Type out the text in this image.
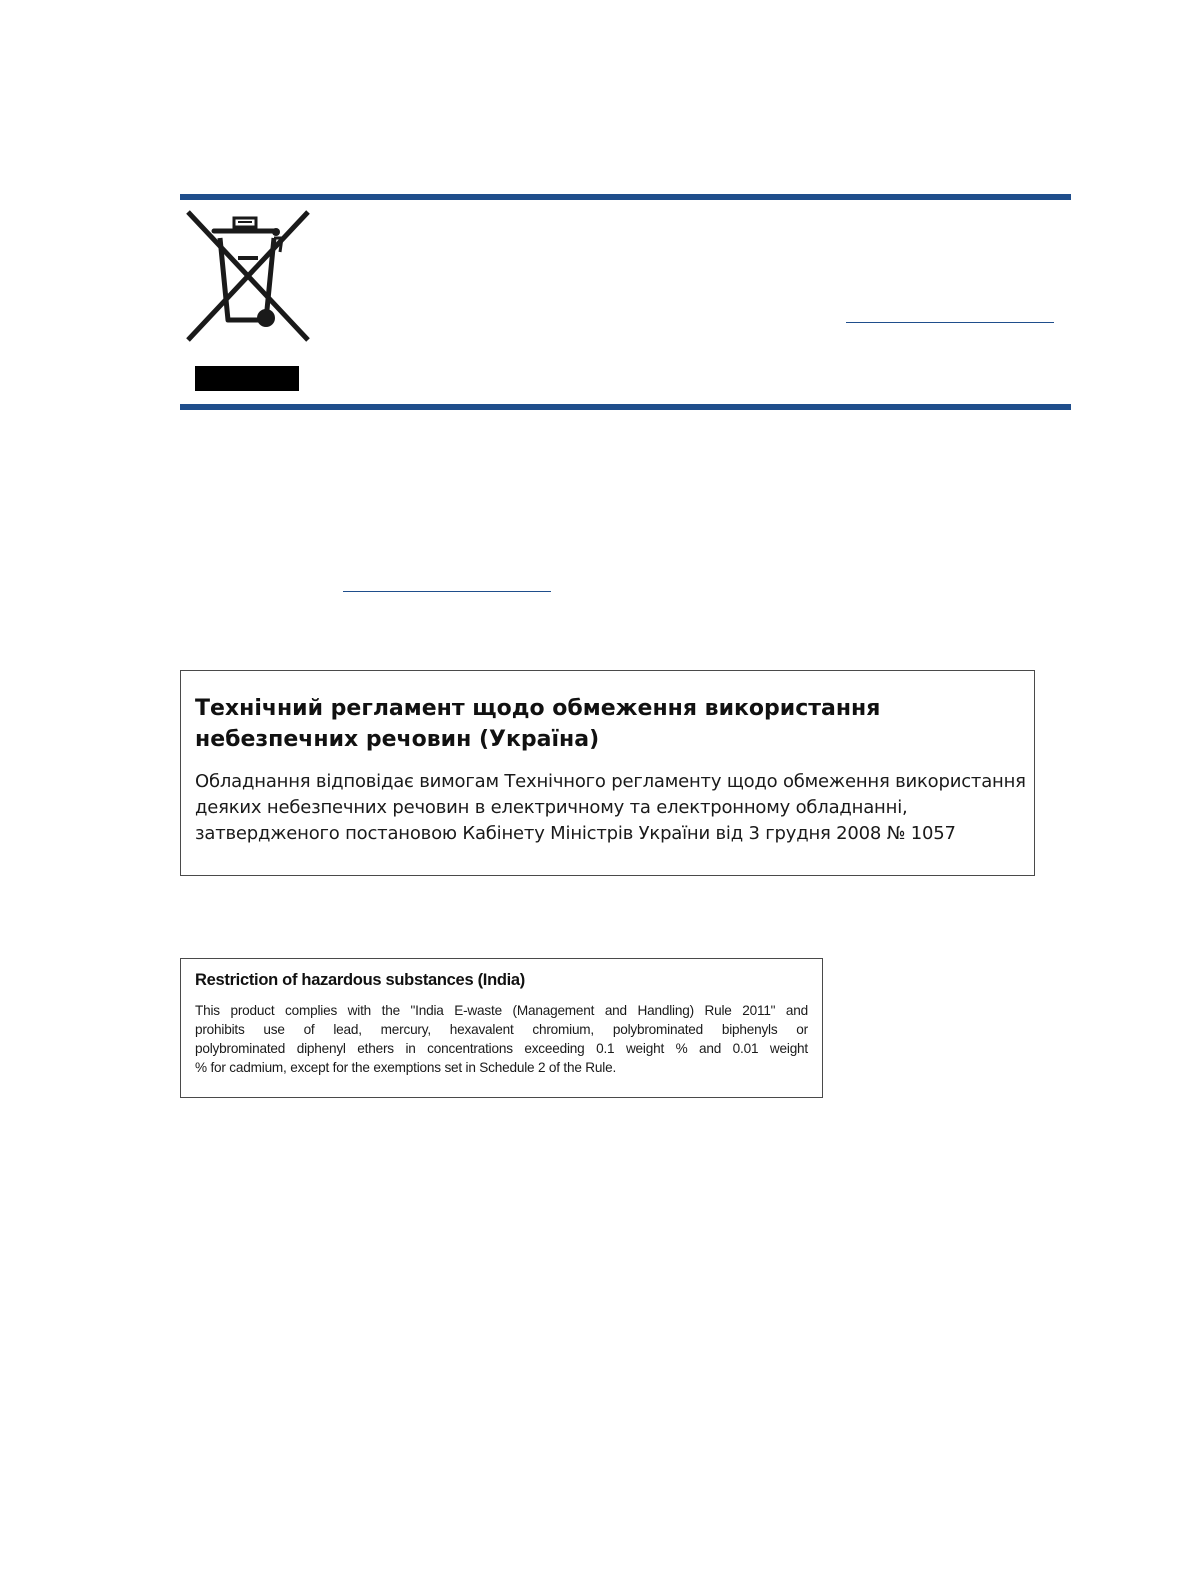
Технічний регламент щодо обмеження використання
небезпечних речовин (Україна)

Обладнання відповідає вимогам Технічного регламенту щодо обмеження використання
деяких небезпечних речовин в електричному та електронному обладнанні,
затвердженого постановою Кабінету Міністрів України від 3 грудня 2008 № 1057

Restriction of hazardous substances (India)

This product complies with the "India E-waste (Management and Handling) Rule 2011" and
prohibits use of lead, mercury, hexavalent chromium, polybrominated biphenyls or
polybrominated diphenyl ethers in concentrations exceeding 0.1 weight % and 0.01 weight
% for cadmium, except for the exemptions set in Schedule 2 of the Rule.
